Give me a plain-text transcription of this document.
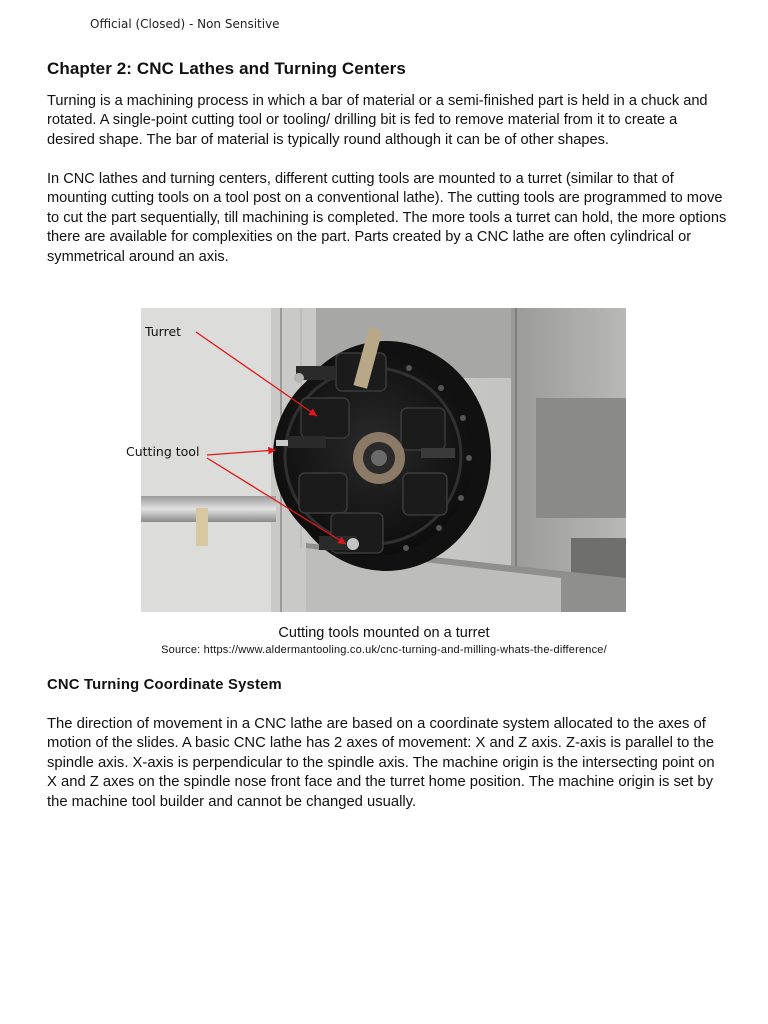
Official (Closed) - Non Sensitive
Chapter 2: CNC Lathes and Turning Centers

Turning is a machining process in which a bar of material or a semi-finished part is held in a chuck and rotated. A single-point cutting tool or tooling/ drilling bit is fed to remove material from it to create a desired shape. The bar of material is typically round although it can be of other shapes.

In CNC lathes and turning centers, different cutting tools are mounted to a turret (similar to that of mounting cutting tools on a tool post on a conventional lathe). The cutting tools are programmed to move to cut the part sequentially, till machining is completed. The more tools a turret can hold, the more options there are available for complexities on the part. Parts created by a CNC lathe are often cylindrical or symmetrical around an axis.

Turret
Cutting tool
Cutting tools mounted on a turret
Source: https://www.aldermantooling.co.uk/cnc-turning-and-milling-whats-the-difference/
CNC Turning Coordinate System

The direction of movement in a CNC lathe are based on a coordinate system allocated to the axes of motion of the slides. A basic CNC lathe has 2 axes of movement: X and Z axis. Z-axis is parallel to the spindle axis. X-axis is perpendicular to the spindle axis. The machine origin is the intersecting point on X and Z axes on the spindle nose front face and the turret home position. The machine origin is set by the machine tool builder and cannot be changed usually.
